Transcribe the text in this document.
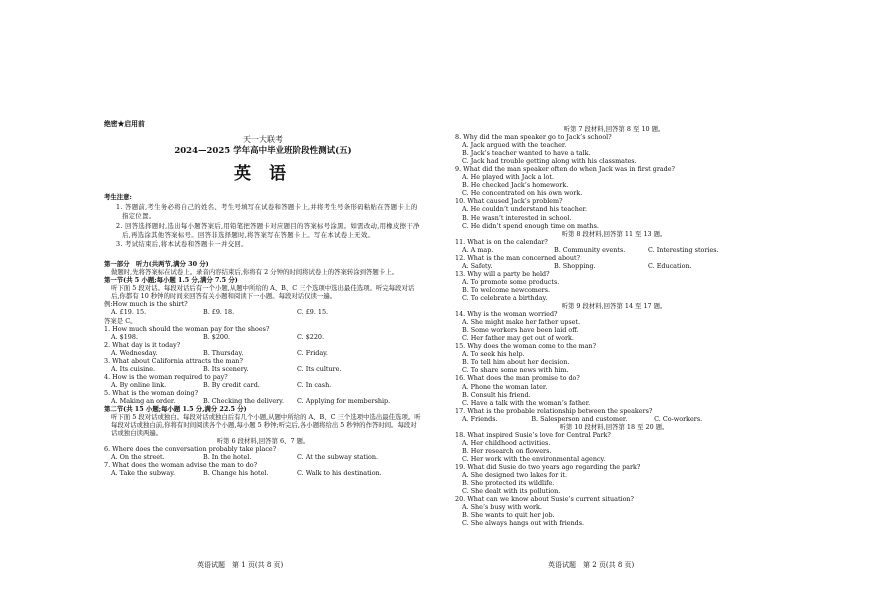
绝密★启用前
天一大联考
2024—2025 学年高中毕业班阶段性测试(五)
英 语
考生注意:

1. 答题前,考生务必将自己的姓名、考生号填写在试卷和答题卡上,并将考生号条形码粘贴在答题卡上的指定位置。

2. 回答选择题时,选出每小题答案后,用铅笔把答题卡对应题目的答案标号涂黑。如需改动,用橡皮擦干净后,再选涂其他答案标号。回答非选择题时,将答案写在答题卡上。写在本试卷上无效。

3. 考试结束后,将本试卷和答题卡一并交回。

第一部分　听力(共两节,满分 30 分)
做题时,先将答案标在试卷上。录音内容结束后,你将有 2 分钟的时间将试卷上的答案转涂到答题卡上。
第一节(共 5 小题;每小题 1.5 分,满分 7.5 分)
听下面 5 段对话。每段对话后有一个小题,从题中所给的 A、B、C 三个选项中选出最佳选项。听完每段对话后,你都有 10 秒钟的时间来回答有关小题和阅读下一小题。每段对话仅读一遍。
例:How much is the shirt?
A. £19. 15.	B. £9. 18.	C. £9. 15.
答案是 C。
1. How much should the woman pay for the shoes?
A. $198.	B. $200.	C. $220.
2. What day is it today?
A. Wednesday.	B. Thursday.	C. Friday.
3. What about California attracts the man?
A. Its cuisine.	B. Its scenery.	C. Its culture.
4. How is the woman required to pay?
A. By online link.	B. By credit card.	C. In cash.
5. What is the woman doing?
A. Making an order.	B. Checking the delivery.	C. Applying for membership.
第二节(共 15 小题;每小题 1.5 分,满分 22.5 分)
听下面 5 段对话或独白。每段对话或独白后有几个小题,从题中所给的 A、B、C 三个选项中选出最佳选项。听每段对话或独白前,你将有时间阅读各个小题,每小题 5 秒钟;听完后,各小题将给出 5 秒钟的作答时间。每段对话或独白读两遍。
听第 6 段材料,回答第 6、7 题。
6. Where does the conversation probably take place?
A. On the street.	B. In the hotel.	C. At the subway station.
7. What does the woman advise the man to do?
A. Take the subway.	B. Change his hotel.	C. Walk to his destination.
英语试题　第 1 页(共 8 页)
听第 7 段材料,回答第 8 至 10 题。
8. Why did the man speaker go to Jack’s school?
A. Jack argued with the teacher.
B. Jack’s teacher wanted to have a talk.
C. Jack had trouble getting along with his classmates.
9. What did the man speaker often do when Jack was in first grade?
A. He played with Jack a lot.
B. He checked Jack’s homework.
C. He concentrated on his own work.
10. What caused Jack’s problem?
A. He couldn’t understand his teacher.
B. He wasn’t interested in school.
C. He didn’t spend enough time on maths.
听第 8 段材料,回答第 11 至 13 题。
11. What is on the calendar?
A. A map.	B. Community events.	C. Interesting stories.
12. What is the man concerned about?
A. Safety.	B. Shopping.	C. Education.
13. Why will a party be held?
A. To promote some products.
B. To welcome newcomers.
C. To celebrate a birthday.
听第 9 段材料,回答第 14 至 17 题。
14. Why is the woman worried?
A. She might make her father upset.
B. Some workers have been laid off.
C. Her father may get out of work.
15. Why does the woman come to the man?
A. To seek his help.
B. To tell him about her decision.
C. To share some news with him.
16. What does the man promise to do?
A. Phone the woman later.
B. Consult his friend.
C. Have a talk with the woman’s father.
17. What is the probable relationship between the speakers?
A. Friends.	B. Salesperson and customer.	C. Co-workers.
听第 10 段材料,回答第 18 至 20 题。
18. What inspired Susie’s love for Central Park?
A. Her childhood activities.
B. Her research on flowers.
C. Her work with the environmental agency.
19. What did Susie do two years ago regarding the park?
A. She designed two lakes for it.
B. She protected its wildlife.
C. She dealt with its pollution.
20. What can we know about Susie’s current situation?
A. She’s busy with work.
B. She wants to quit her job.
C. She always hangs out with friends.
英语试题　第 2 页(共 8 页)
